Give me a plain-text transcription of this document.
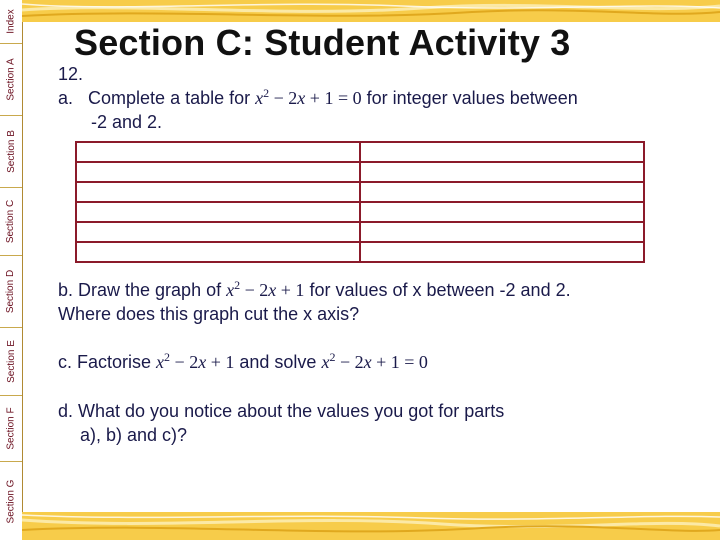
Index
Section A
Section B
Section C
Section D
Section E
Section F
Section G
Section C: Student Activity 3
12.
a. Complete a table for $x^2 - 2x + 1 = 0$ for integer values between
-2 and 2.

b. Draw the graph of $x^2 - 2x + 1$ for values of x between -2 and 2.
Where does this graph cut the x axis?
c. Factorise $x^2 - 2x + 1$ and solve $x^2 - 2x + 1 = 0$
d. What do you notice about the values you got for parts
a), b) and c)?
